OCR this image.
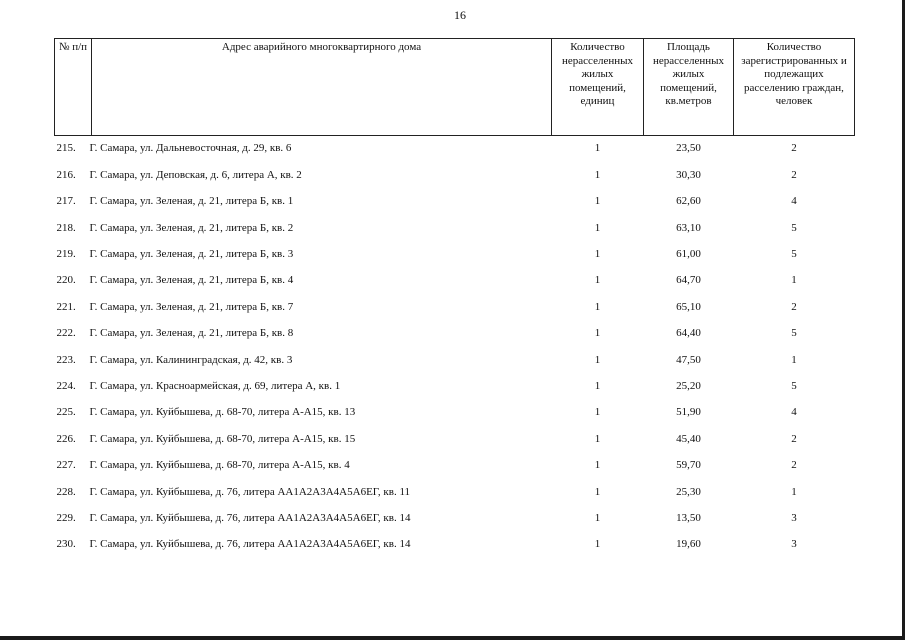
16
№ п/п	Адрес аварийного многоквартирного дома	Количество нерасселенных жилых помещений, единиц	Площадь нерасселенных жилых помещений, кв.метров	Количество зарегистрированных и подлежащих расселению граждан, человек
215. Г. Самара, ул. Дальневосточная, д. 29, кв. 6		1	23,50	2
216. Г. Самара, ул. Деповская, д. 6, литера А, кв. 2		1	30,30	2
217. Г. Самара, ул. Зеленая, д. 21, литера Б, кв. 1		1	62,60	4
218. Г. Самара, ул. Зеленая, д. 21, литера Б, кв. 2		1	63,10	5
219. Г. Самара, ул. Зеленая, д. 21, литера Б, кв. 3		1	61,00	5
220. Г. Самара, ул. Зеленая, д. 21, литера Б, кв. 4		1	64,70	1
221. Г. Самара, ул. Зеленая, д. 21, литера Б, кв. 7		1	65,10	2
222. Г. Самара, ул. Зеленая, д. 21, литера Б, кв. 8		1	64,40	5
223. Г. Самара, ул. Калининградская, д. 42, кв. 3		1	47,50	1
224. Г. Самара, ул. Красноармейская, д. 69, литера А, кв. 1		1	25,20	5
225. Г. Самара, ул. Куйбышева, д. 68-70, литера А-А15, кв. 13		1	51,90	4
226. Г. Самара, ул. Куйбышева, д. 68-70, литера А-А15, кв. 15		1	45,40	2
227. Г. Самара, ул. Куйбышева, д. 68-70, литера А-А15, кв. 4		1	59,70	2
228. Г. Самара, ул. Куйбышева, д. 76, литера АА1А2А3А4А5А6ЕГ, кв. 11		1	25,30	1
229. Г. Самара, ул. Куйбышева, д. 76, литера АА1А2А3А4А5А6ЕГ, кв. 14		1	13,50	3
230. Г. Самара, ул. Куйбышева, д. 76, литера АА1А2А3А4А5А6ЕГ, кв. 14		1	19,60	3
